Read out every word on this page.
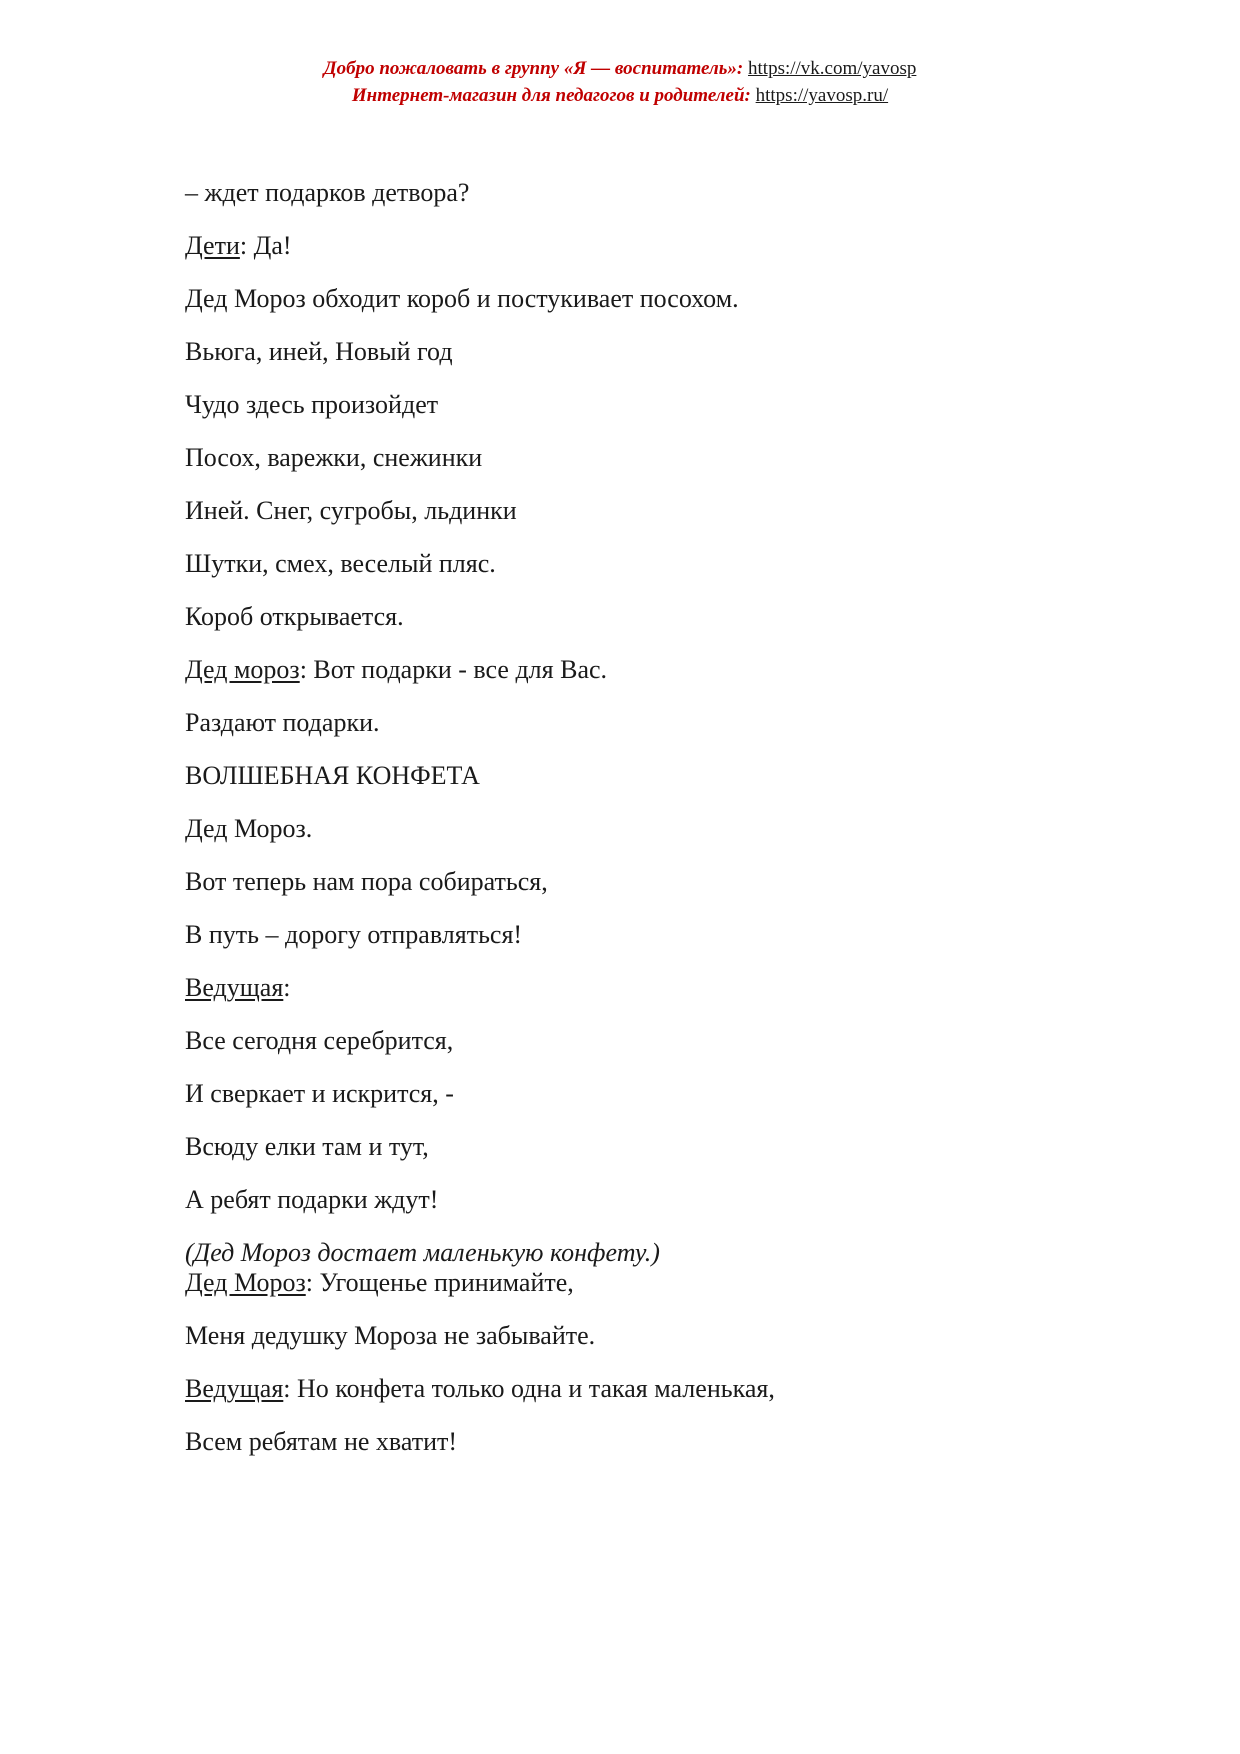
Добро пожаловать в группу «Я — воспитатель»: https://vk.com/yavosp
Интернет-магазин для педагогов и родителей: https://yavosp.ru/
– ждет подарков детвора?
Дети: Да!
Дед Мороз обходит короб и постукивает посохом.
Вьюга, иней, Новый год
Чудо здесь произойдет
Посох, варежки, снежинки
Иней. Снег, сугробы, льдинки
Шутки, смех, веселый пляс.
Короб открывается.
Дед мороз: Вот подарки - все для Вас.
Раздают подарки.
ВОЛШЕБНАЯ КОНФЕТА
Дед Мороз.
Вот теперь нам пора собираться,
В путь – дорогу отправляться!
Ведущая:
Все сегодня серебрится,
И сверкает и искрится, -
Всюду елки там и тут,
А ребят подарки ждут!
(Дед Мороз достает маленькую конфету.)
Дед Мороз: Угощенье принимайте,
Меня дедушку Мороза не забывайте.
Ведущая: Но конфета только одна и такая маленькая,
Всем ребятам не хватит!
